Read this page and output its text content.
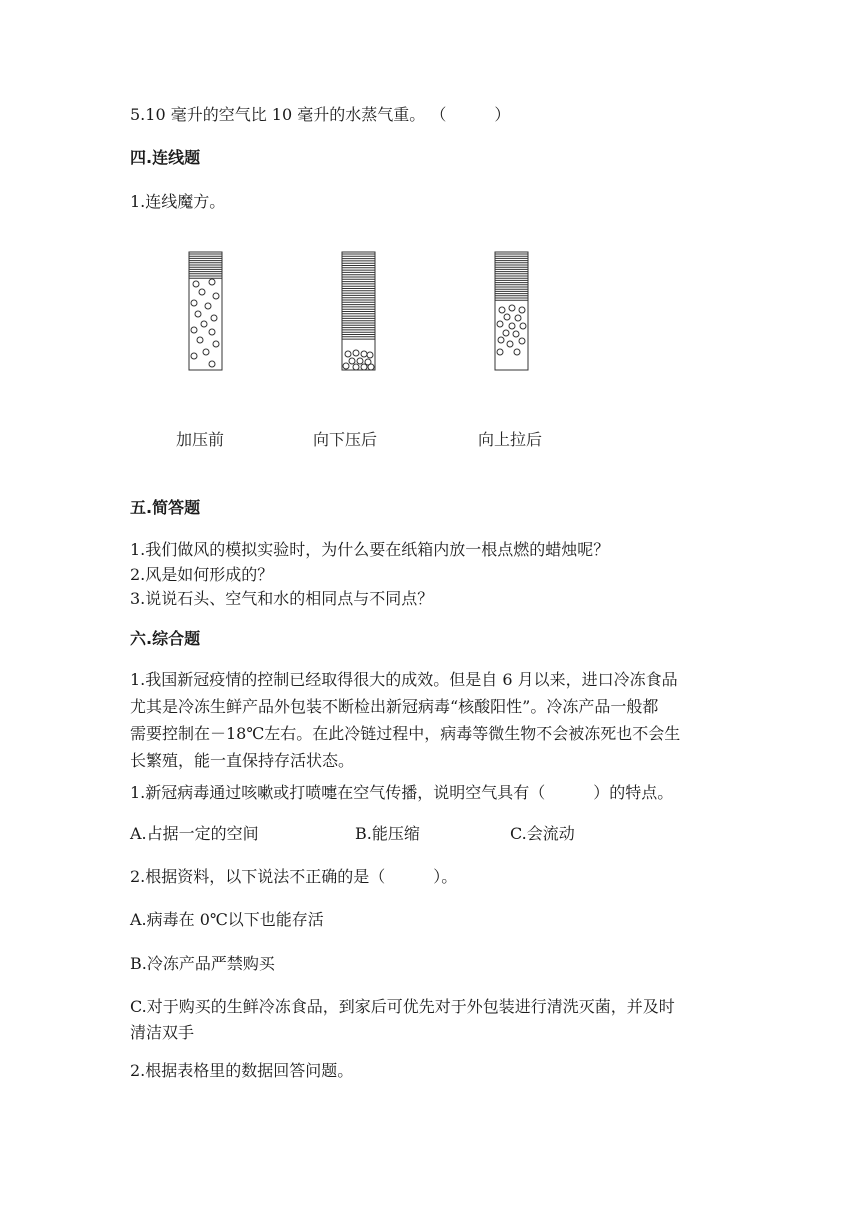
5.10 毫升的空气比 10 毫升的水蒸气重。 （　　　）
四.连线题
1.连线魔方。
加压前	向下压后	向上拉后
五.简答题
1.我们做风的模拟实验时，为什么要在纸箱内放一根点燃的蜡烛呢？
2.风是如何形成的？
3.说说石头、空气和水的相同点与不同点？
六.综合题
1.我国新冠疫情的控制已经取得很大的成效。但是自 6 月以来，进口冷冻食品
尤其是冷冻生鲜产品外包装不断检出新冠病毒“核酸阳性”。冷冻产品一般都
需要控制在－18℃左右。在此冷链过程中，病毒等微生物不会被冻死也不会生
长繁殖，能一直保持存活状态。
1.新冠病毒通过咳嗽或打喷嚏在空气传播，说明空气具有（　　　）的特点。
A.占据一定的空间	B.能压缩	C.会流动
2.根据资料，以下说法不正确的是（　　　）。
A.病毒在 0℃以下也能存活
B.冷冻产品严禁购买
C.对于购买的生鲜冷冻食品，到家后可优先对于外包装进行清洗灭菌，并及时
清洁双手
2.根据表格里的数据回答问题。
